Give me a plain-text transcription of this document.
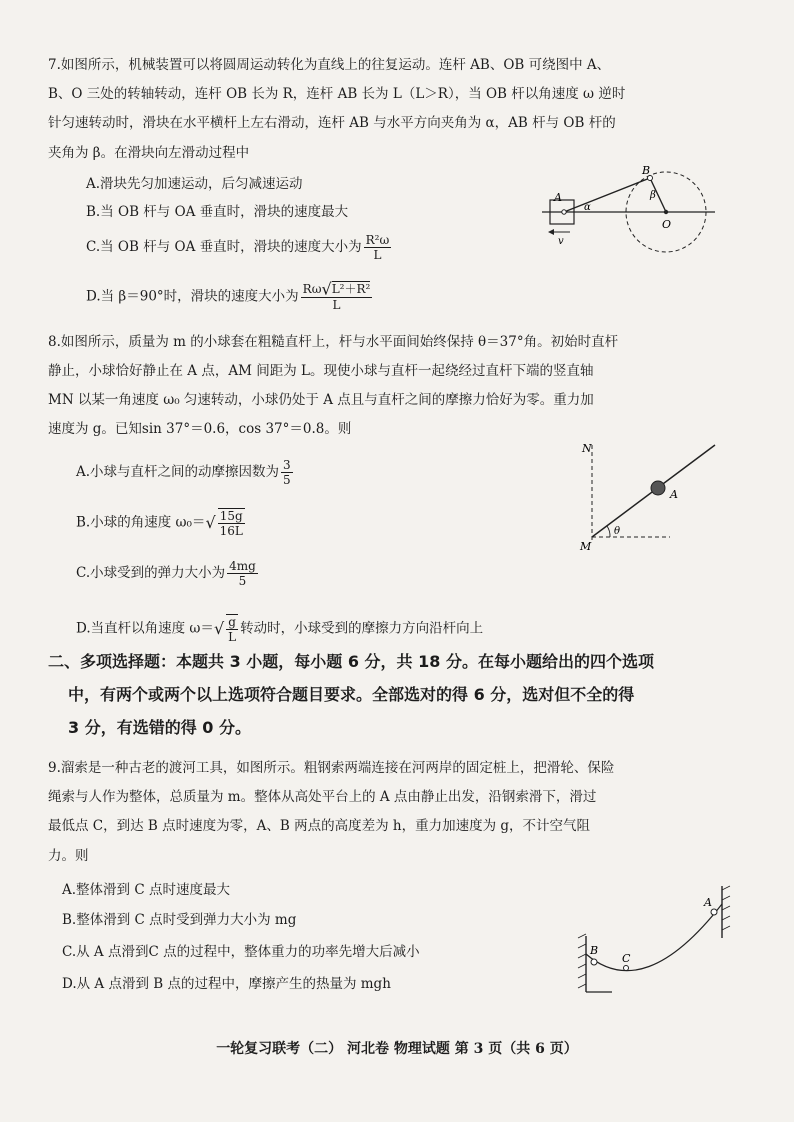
7.如图所示，机械装置可以将圆周运动转化为直线上的往复运动。连杆 AB、OB 可绕图中 A、
B、O 三处的转轴转动，连杆 OB 长为 R，连杆 AB 长为 L（L＞R），当 OB 杆以角速度 ω 逆时
针匀速转动时，滑块在水平横杆上左右滑动，连杆 AB 与水平方向夹角为 α，AB 杆与 OB 杆的
夹角为 β。在滑块向左滑动过程中
A.滑块先匀加速运动，后匀减速运动
B.当 OB 杆与 OA 垂直时，滑块的速度最大
C.当 OB 杆与 OA 垂直时，滑块的速度大小为 $\frac{\text{R²ω}}{L}$
D.当 β＝90°时，滑块的速度大小为 $\frac{\text{Rω√L²＋R²}}{L}$
A
B
O
α
β
v
8.如图所示，质量为 m 的小球套在粗糙直杆上，杆与水平面间始终保持 θ＝37°角。初始时直杆
静止，小球恰好静止在 A 点，AM 间距为 L。现使小球与直杆一起绕经过直杆下端的竖直轴
MN 以某一角速度 ω₀ 匀速转动，小球仍处于 A 点且与直杆之间的摩擦力恰好为零。重力加
速度为 g。已知sin 37°＝0.6，cos 37°＝0.8。则
A.小球与直杆之间的动摩擦因数为 $\frac{3}{5}$
B.小球的角速度 $\omega_0=√ \frac{15g}{16L}$
C.小球受到的弹力大小为 $\frac{4mg}{5}$
D.当直杆以角速度 $\omega=√ \frac{g}{L}$ 转动时，小球受到的摩擦力方向沿杆向上
N
M
A
θ
二、多项选择题：本题共 3 小题，每小题 6 分，共 18 分。在每小题给出的四个选项
中，有两个或两个以上选项符合题目要求。全部选对的得 6 分，选对但不全的得
3 分，有选错的得 0 分。
9.溜索是一种古老的渡河工具，如图所示。粗钢索两端连接在河两岸的固定桩上，把滑轮、保险
绳索与人作为整体，总质量为 m。整体从高处平台上的 A 点由静止出发，沿钢索滑下，滑过
最低点 C，到达 B 点时速度为零，A、B 两点的高度差为 h，重力加速度为 g，不计空气阻
力。则
A.整体滑到 C 点时速度最大
B.整体滑到 C 点时受到弹力大小为 mg
C.从 A 点滑到C 点的过程中，整体重力的功率先增大后减小
D.从 A 点滑到 B 点的过程中，摩擦产生的热量为 mgh
B
C
A
一轮复习联考（二） 河北卷 物理试题 第 3 页（共 6 页）
